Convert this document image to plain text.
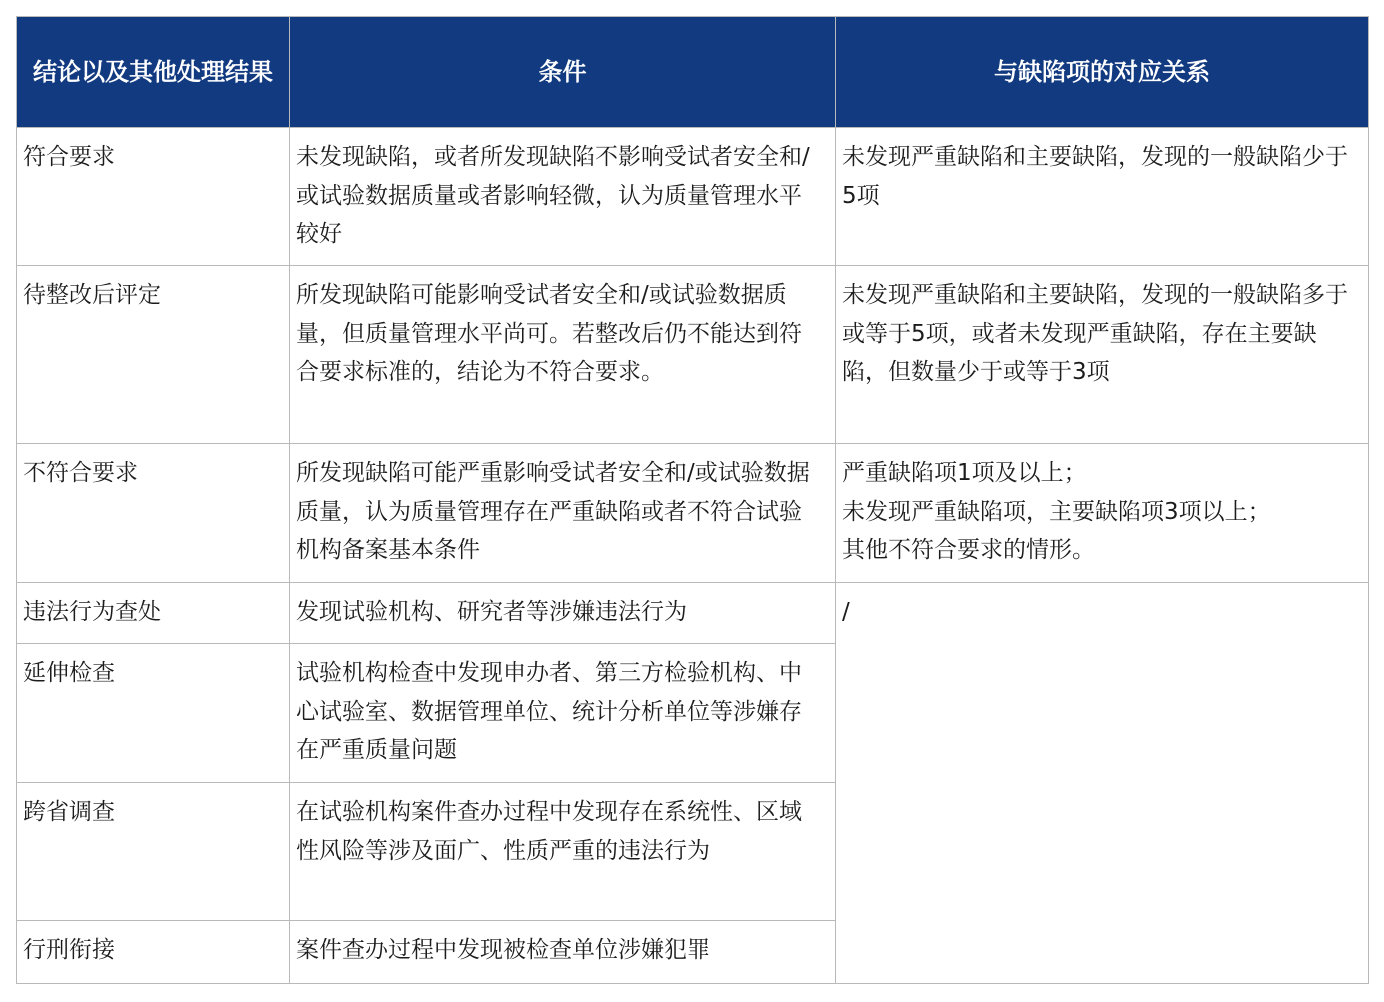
结论以及其他处理结果	条件	与缺陷项的对应关系
符合要求	未发现缺陷，或者所发现缺陷不影响受试者安全和/或试验数据质量或者影响轻微，认为质量管理水平较好	未发现严重缺陷和主要缺陷，发现的一般缺陷少于5项

待整改后评定	所发现缺陷可能影响受试者安全和/或试验数据质量，但质量管理水平尚可。若整改后仍不能达到符合要求标准的，结论为不符合要求。	未发现严重缺陷和主要缺陷，发现的一般缺陷多于或等于5项，或者未发现严重缺陷，存在主要缺陷，但数量少于或等于3项

不符合要求	所发现缺陷可能严重影响受试者安全和/或试验数据质量，认为质量管理存在严重缺陷或者不符合试验机构备案基本条件	严重缺陷项1项及以上；
未发现严重缺陷项，主要缺陷项3项以上；
其他不符合要求的情形。

违法行为查处	发现试验机构、研究者等涉嫌违法行为	/

延伸检查	试验机构检查中发现申办者、第三方检验机构、中心试验室、数据管理单位、统计分析单位等涉嫌存在严重质量问题	
跨省调查	在试验机构案件查办过程中发现存在系统性、区域性风险等涉及面广、性质严重的违法行为	
行刑衔接	案件查办过程中发现被检查单位涉嫌犯罪	
